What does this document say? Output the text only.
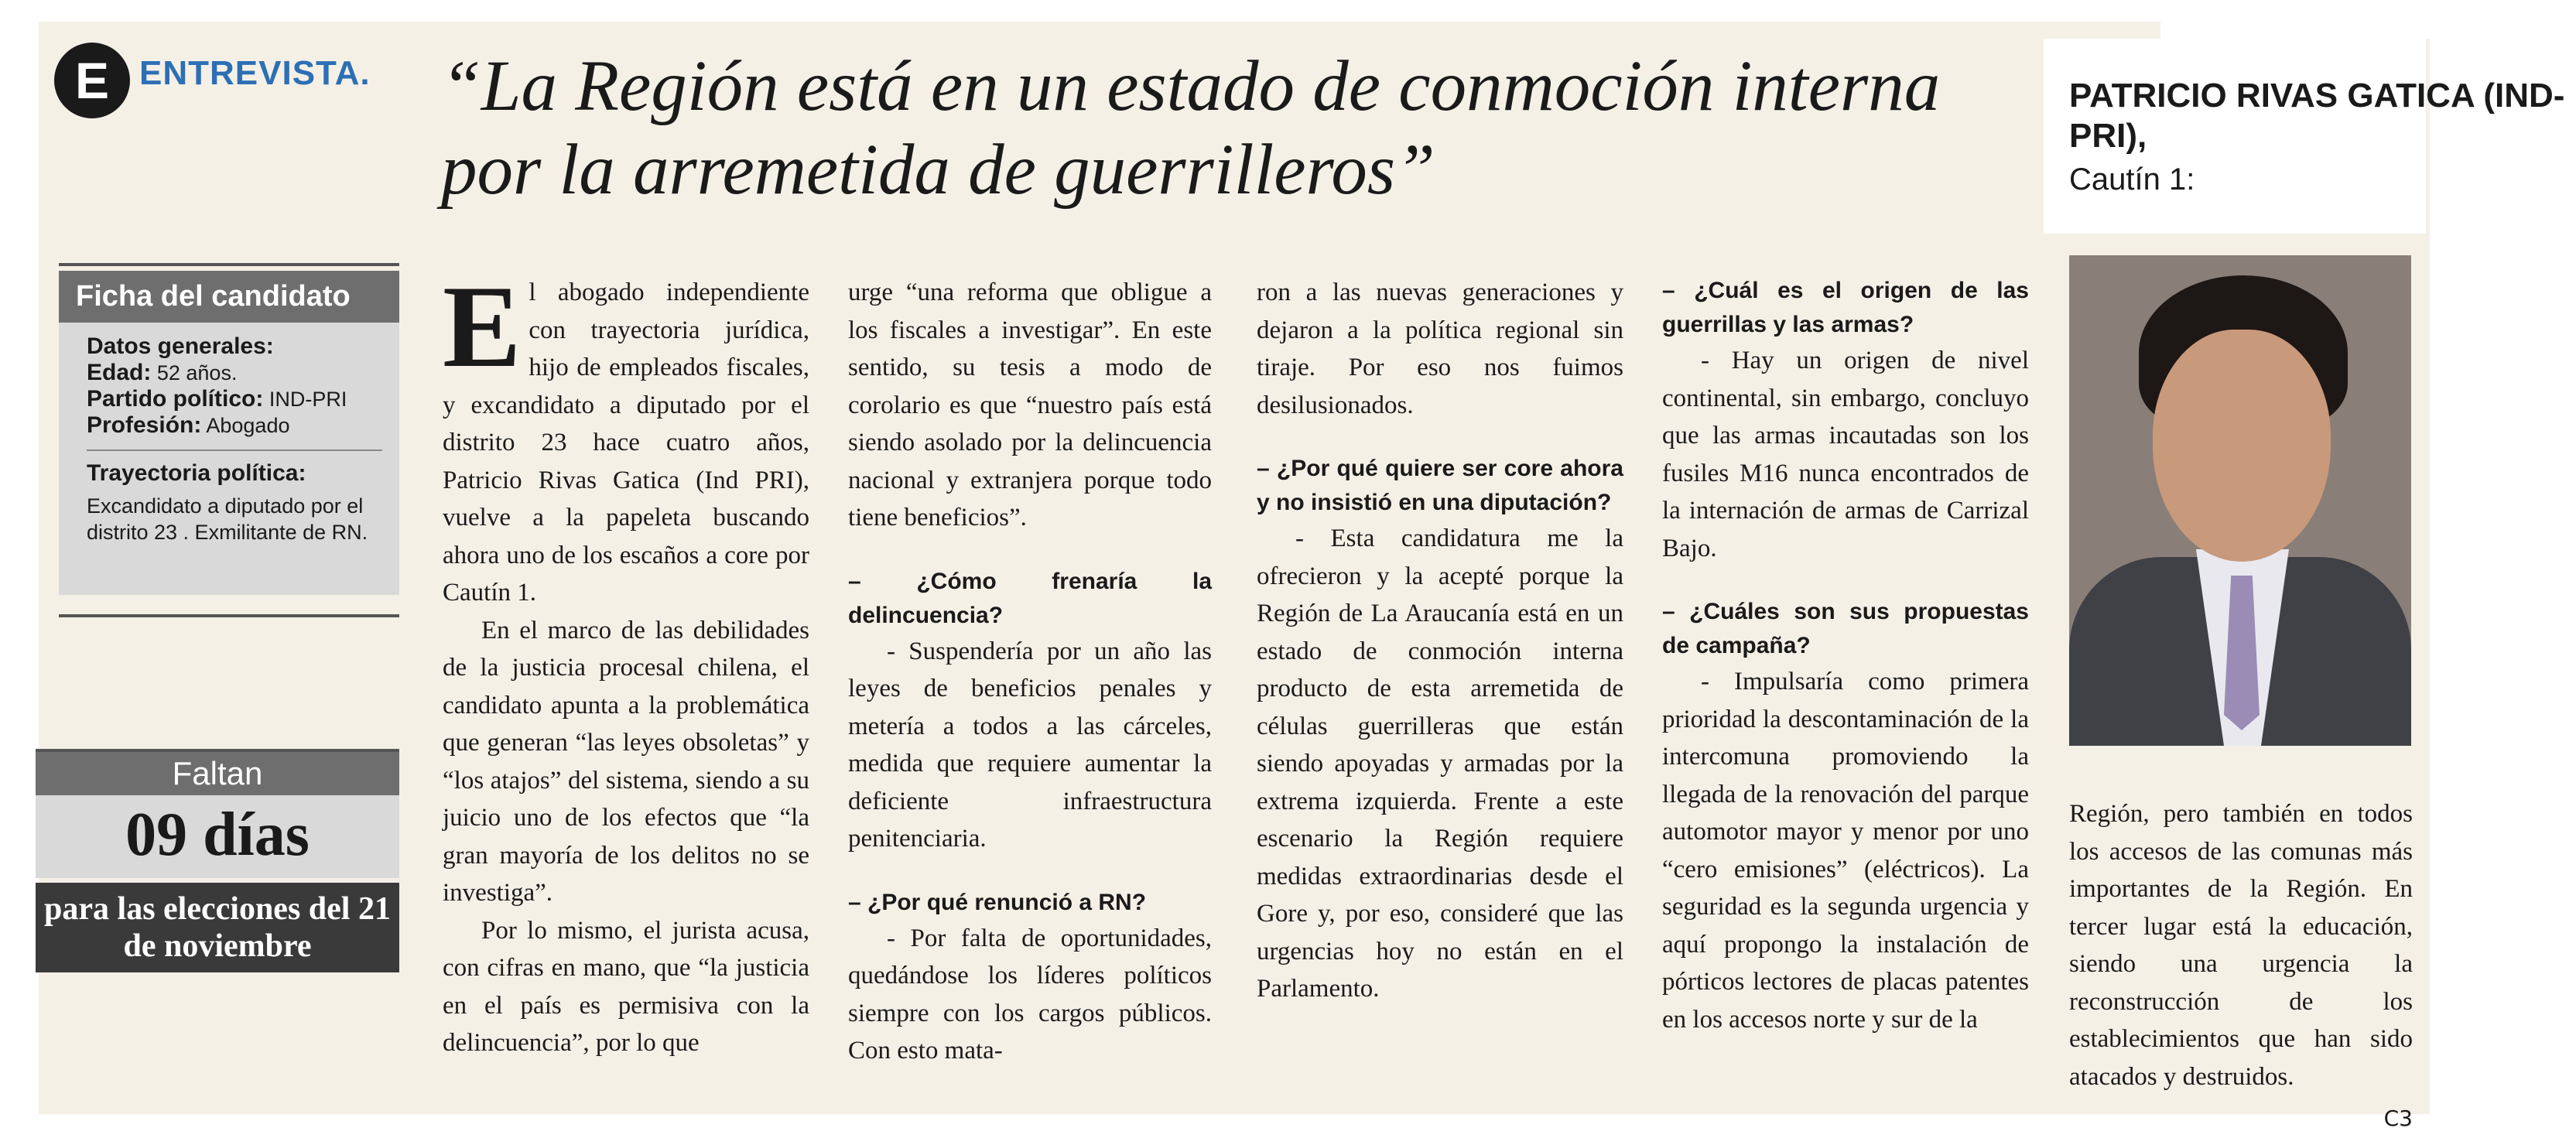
E ENTREVISTA. “La Región está en un estado de conmoción interna por la arremetida de guerrilleros”
PATRICIO RIVAS GATICA (IND-PRI),
Cautín 1:
Ficha del candidato
Datos generales:
Edad: 52 años.
Partido político: IND-PRI
Profesión: Abogado
Trayectoria política:
Excandidato a diputado por el distrito 23 . Exmilitante de RN.
Faltan
09 días
para las elecciones del 21 de noviembre
E l abogado independiente con trayectoria jurídica, hijo de empleados fiscales, y excandidato a diputado por el distrito 23 hace cuatro años, Patricio Rivas Gatica (Ind PRI), vuelve a la papeleta buscando ahora uno de los escaños a core por Cautín 1.

En el marco de las debilidades de la justicia procesal chilena, el candidato apunta a la problemática que generan “las leyes obsoletas” y “los atajos” del sistema, siendo a su juicio uno de los efectos que “la gran mayoría de los delitos no se investiga”.

Por lo mismo, el jurista acusa, con cifras en mano, que “la justicia en el país es permisiva con la delincuencia”, por lo que

urge “una reforma que obligue a los fiscales a investigar”. En este sentido, su tesis a modo de corolario es que “nuestro país está siendo asolado por la delincuencia nacional y extranjera porque todo tiene beneficios”.

– ¿Cómo frenaría la delincuencia?

- Suspendería por un año las leyes de beneficios penales y metería a todos a las cárceles, medida que requiere aumentar la deficiente infraestructura penitenciaria.

– ¿Por qué renunció a RN?

- Por falta de oportunidades, quedándose los líderes políticos siempre con los cargos públicos. Con esto mata-

ron a las nuevas generaciones y dejaron a la política regional sin tiraje. Por eso nos fuimos desilusionados.

– ¿Por qué quiere ser core ahora y no insistió en una diputación?

- Esta candidatura me la ofrecieron y la acepté porque la Región de La Araucanía está en un estado de conmoción interna producto de esta arremetida de células guerrilleras que están siendo apoyadas y armadas por la extrema izquierda. Frente a este escenario la Región requiere medidas extraordinarias desde el Gore y, por eso, consideré que las urgencias hoy no están en el Parlamento.

– ¿Cuál es el origen de las guerrillas y las armas?

- Hay un origen de nivel continental, sin embargo, concluyo que las armas incautadas son los fusiles M16 nunca encontrados de la internación de armas de Carrizal Bajo.

– ¿Cuáles son sus propuestas de campaña?

- Impulsaría como primera prioridad la descontaminación de la intercomuna promoviendo la llegada de la renovación del parque automotor mayor y menor por uno “cero emisiones” (eléctricos). La seguridad es la segunda urgencia y aquí propongo la instalación de pórticos lectores de placas patentes en los accesos norte y sur de la

Región, pero también en todos los accesos de las comunas más importantes de la Región. En tercer lugar está la educación, siendo una urgencia la reconstrucción de los establecimientos que han sido atacados y destruidos.

C3
